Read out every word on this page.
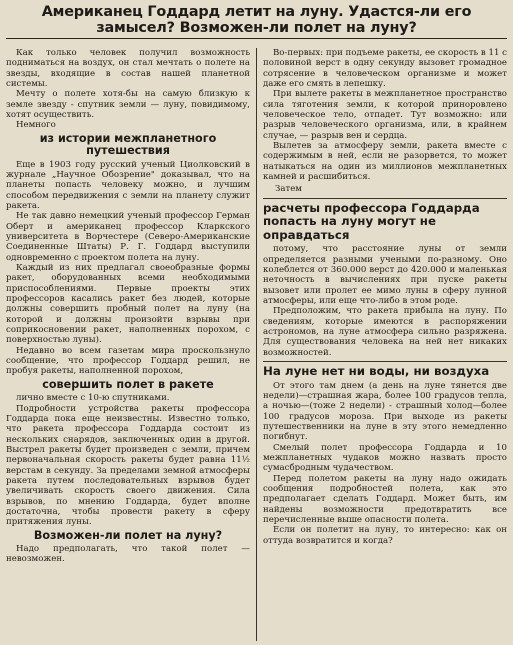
Американец Годдард летит на луну. Удастся-ли его замысел? Возможен-ли полет на луну?

Как только человек получил возможность подниматься на воздух, он стал мечтать о полете на звезды, входящие в состав нашей планетной системы.

Мечту о полете хотя-бы на самую близкую к земле звезду - спутник земли — луну, повидимому, хотят осуществить.

Немного

из истории межпланетного путешествия

Еще в 1903 году русский ученый Циолковский в журнале „Научное Обозрение" доказывал, что на планеты попасть человеку можно, и лучшим способом передвижения с земли на планету служит ракета.

Не так давно немецкий ученый профессор Герман Оберт и американец профессор Кларкского университета в Ворчестере (Северо-Американские Соединенные Штаты) Р. Г. Годдард выступили одновременно с проектом полета на луну.

Каждый из них предлагал своеобразные формы ракет, оборудованных всеми необходимыми приспособлениями. Первые проекты этих профессоров касались ракет без людей, которые должны совершить пробный полет на луну (на которой и должны произойти взрывы при соприкосновении ракет, наполненных порохом, с поверхностью луны).

Недавно во всем газетам мира проскользнуло сообщение, что профессор Годдард решил, не пробуя ракеты, наполненной порохом,

совершить полет в ракете

лично вместе с 10-ю спутниками.

Подробности устройства ракеты профессора Годдарда пока еще неизвестны. Известно только, что ракета профессора Годдарда состоит из нескольких снарядов, заключенных один в другой. Выстрел ракеты будет произведен с земли, причем первоначальная скорость ракеты будет равна 11½ верстам в секунду. За пределами земной атмосферы ракета путем последовательных взрывов будет увеличивать скорость своего движения. Сила взрывов, по мнению Годдарда, будет вполне достаточна, чтобы провести ракету в сферу притяжения луны.

Возможен-ли полет на луну?

Надо предполагать, что такой полет — невозможен.

Во-первых: при подъеме ракеты, ее скорость в 11 с половиной верст в одну секунду вызовет громадное сотрясение в человеческом организме и может даже его смять в лепешку.

При вылете ракеты в межпланетное пространство сила тяготения земли, к которой приноровлено человеческое тело, отпадет. Тут возможно: или разрыв человеческого организма, или, в крайнем случае, — разрыв вен и сердца.

Вылетев за атмосферу земли, ракета вместе с содержимым в ней, если не разорвется, то может натыкаться на один из миллионов межпланетных камней и расшибиться.

Затем
расчеты профессора Годдарда попасть на луну могут не оправдаться

потому, что расстояние луны от земли определяется разными учеными по-разному. Оно колеблется от 360.000 верст до 420.000 и маленькая неточность в вычислениях при пуске ракеты вызовет или пролет ее мимо луны в сферу лунной атмосферы, или еще что-либо в этом роде.

Предположим, что ракета прибыла на луну. По сведениям, которые имеются в распоряжении астрономов, на луне атмосфера сильно разряжена. Для существования человека на ней нет никаких возможностей.

На луне нет ни воды, ни воздуха

От этого там днем (а день на луне тянется две недели)—страшная жара, более 100 градусов тепла, а ночью—(тоже 2 недели) - страшный холод—более 100 градусов мороза. При выходе из ракеты путешественники на луне в эту этого немедленно погибнут.

Смелый полет профессора Годдарда и 10 межпланетных чудаков можно назвать просто сумасбродным чудачеством.

Перед полетом ракеты на луну надо ожидать сообщения подробностей полета, как это предполагает сделать Годдард. Может быть, им найдены возможности предотвратить все перечисленные выше опасности полета.

Если он полетит на луну, то интересно: как он оттуда возвратится и когда?
